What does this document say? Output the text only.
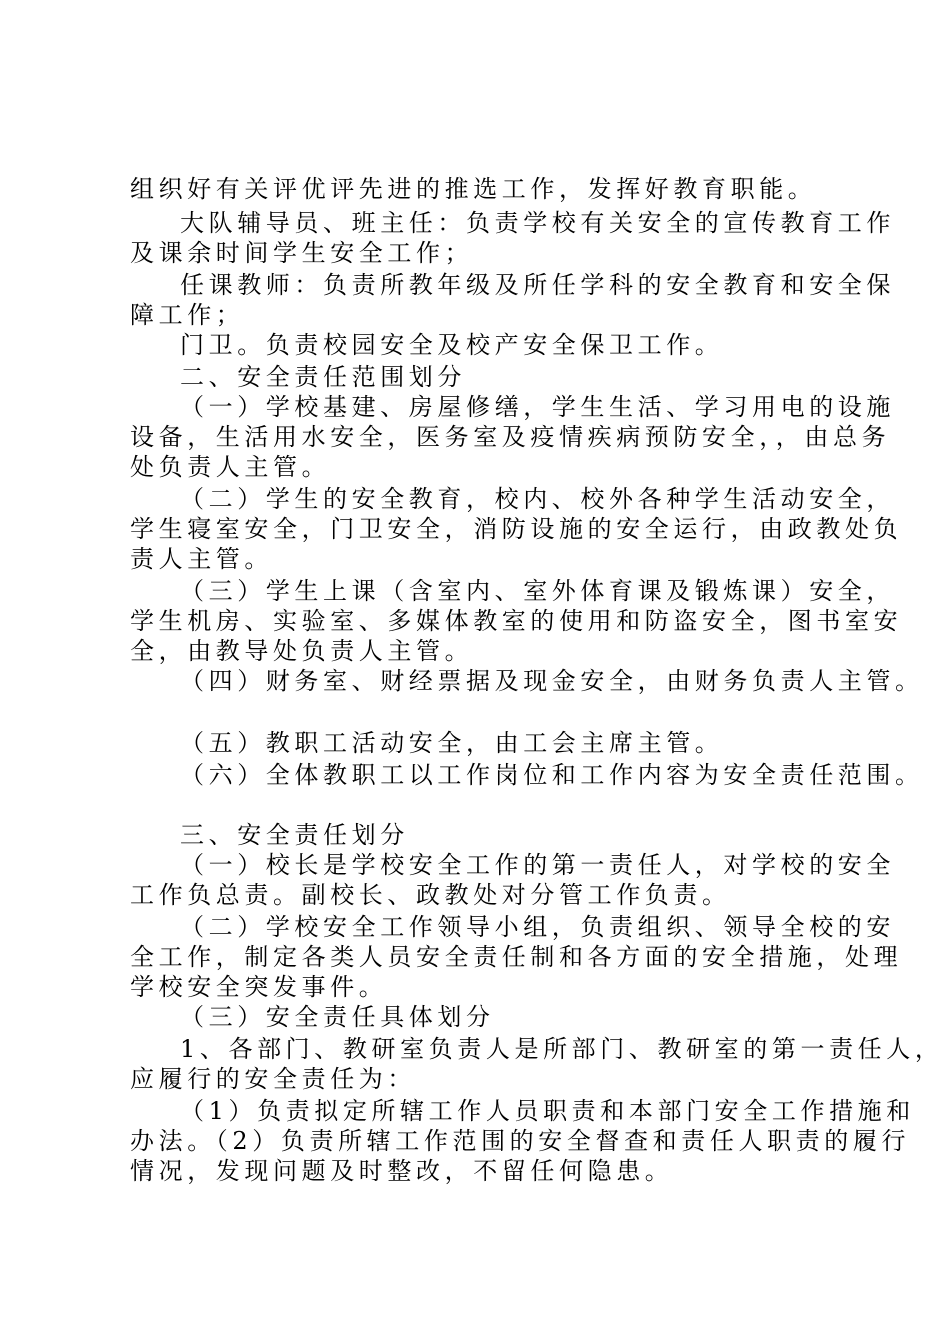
组织好有关评优评先进的推选工作，发挥好教育职能。
大队辅导员、班主任：负责学校有关安全的宣传教育工作
及课余时间学生安全工作；
任课教师：负责所教年级及所任学科的安全教育和安全保
障工作；
门卫。负责校园安全及校产安全保卫工作。
二、安全责任范围划分
（一）学校基建、房屋修缮，学生生活、学习用电的设施
设备，生活用水安全，医务室及疫情疾病预防安全，，由总务
处负责人主管。
（二）学生的安全教育，校内、校外各种学生活动安全，
学生寝室安全，门卫安全，消防设施的安全运行，由政教处负
责人主管。
（三）学生上课（含室内、室外体育课及锻炼课）安全，
学生机房、实验室、多媒体教室的使用和防盗安全，图书室安
全，由教导处负责人主管。
（四）财务室、财经票据及现金安全，由财务负责人主管。
（五）教职工活动安全，由工会主席主管。
（六）全体教职工以工作岗位和工作内容为安全责任范围。
三、安全责任划分
（一）校长是学校安全工作的第一责任人，对学校的安全
工作负总责。副校长、政教处对分管工作负责。
（二）学校安全工作领导小组，负责组织、领导全校的安
全工作，制定各类人员安全责任制和各方面的安全措施，处理
学校安全突发事件。
（三）安全责任具体划分
1、各部门、教研室负责人是所部门、教研室的第一责任人，
应履行的安全责任为：
（1）负责拟定所辖工作人员职责和本部门安全工作措施和
办法。（2）负责所辖工作范围的安全督查和责任人职责的履行
情况，发现问题及时整改，不留任何隐患。
